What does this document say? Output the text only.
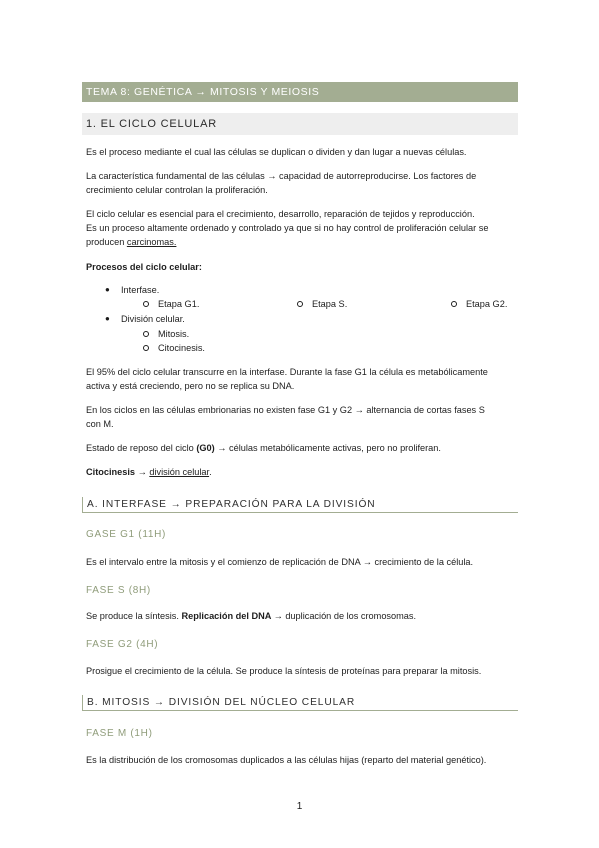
TEMA 8: GENÉTICA → MITOSIS Y MEIOSIS
1. EL CICLO CELULAR

Es el proceso mediante el cual las células se duplican o dividen y dan lugar a nuevas células.

La característica fundamental de las células → capacidad de autorreproducirse. Los factores de

crecimiento celular controlan la proliferación.

El ciclo celular es esencial para el crecimiento, desarrollo, reparación de tejidos y reproducción.

Es un proceso altamente ordenado y controlado ya que si no hay control de proliferación celular se

producen carcinomas.

Procesos del ciclo celular:

● Interfase.
Etapa G1.	Etapa S.	Etapa G2.
● División celular.
Mitosis.
Citocinesis.

El 95% del ciclo celular transcurre en la interfase. Durante la fase G1 la célula es metabólicamente

activa y está creciendo, pero no se replica su DNA.

En los ciclos en las células embrionarias no existen fase G1 y G2 → alternancia de cortas fases S

con M.

Estado de reposo del ciclo (G0) → células metabólicamente activas, pero no proliferan.

Citocinesis → división celular.

A. INTERFASE → PREPARACIÓN PARA LA DIVISIÓN
GASE G1 (11H)

Es el intervalo entre la mitosis y el comienzo de replicación de DNA → crecimiento de la célula.

FASE S (8H)

Se produce la síntesis. Replicación del DNA → duplicación de los cromosomas.

FASE G2 (4H)

Prosigue el crecimiento de la célula. Se produce la síntesis de proteínas para preparar la mitosis.

B. MITOSIS → DIVISIÓN DEL NÚCLEO CELULAR
FASE M (1H)

Es la distribución de los cromosomas duplicados a las células hijas (reparto del material genético).

1
